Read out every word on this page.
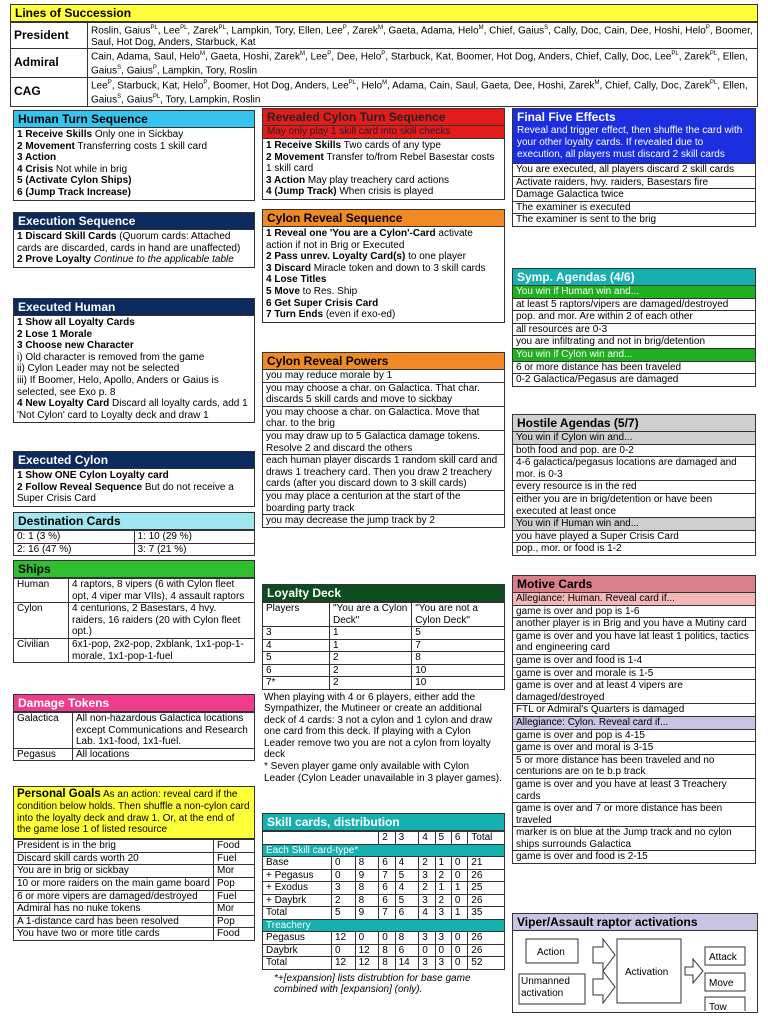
Lines of Succession
President	Roslin, Gaius$^{PL}$, Lee$^{PL}$, Zarek$^{PL}$, Lampkin, Tory, Ellen, Lee$^P$, Zarek$^M$, Gaeta, Adama, Helo$^M$, Chief, Gaius$^S$, Cally, Doc, Cain, Dee, Hoshi, Helo$^P$, Boomer, Saul, Hot Dog, Anders, Starbuck, Kat
Admiral	Cain, Adama, Saul, Helo$^M$, Gaeta, Hoshi, Zarek$^M$, Lee$^P$, Dee, Helo$^P$, Starbuck, Kat, Boomer, Hot Dog, Anders, Chief, Cally, Doc, Lee$^{PL}$, Zarek$^{PL}$, Ellen, Gaius$^S$, Gaius$^P$, Lampkin, Tory, Roslin
CAG	Lee$^P$, Starbuck, Kat, Helo$^P$, Boomer, Hot Dog, Anders, Lee$^{PL}$, Helo$^M$, Adama, Cain, Saul, Gaeta, Dee, Hoshi, Zarek$^M$, Chief, Cally, Doc, Zarek$^{PL}$, Ellen, Gaius$^S$, Gaius$^{PL}$, Tory, Lampkin, Roslin
Human Turn Sequence
1 Receive Skills Only one in Sickbay
2 Movement Transferring costs 1 skill card
3 Action
4 Crisis Not while in brig
5 (Activate Cylon Ships)
6 (Jump Track Increase)
Execution Sequence
1 Discard Skill Cards (Quorum cards: Attached cards are discarded, cards in hand are unaffected)
2 Prove Loyalty Continue to the applicable table
Executed Human
1 Show all Loyalty Cards
2 Lose 1 Morale
3 Choose new Character
i) Old character is removed from the game
ii) Cylon Leader may not be selected
iii) If Boomer, Helo, Apollo, Anders or Gaius is selected, see Exo p. 8
4 New Loyalty Card Discard all loyalty cards, add 1 'Not Cylon' card to Loyalty deck and draw 1
Executed Cylon
1 Show ONE Cylon Loyalty card
2 Follow Reveal Sequence But do not receive a Super Crisis Card
Destination Cards
0: 1 (3 %)	1: 10 (29 %)
2: 16 (47 %)	3: 7 (21 %)
Ships
Human	4 raptors, 8 vipers (6 with Cylon fleet opt, 4 viper mar VIIs), 4 assault raptors
Cylon	4 centurions, 2 Basestars, 4 hvy. raiders, 16 raiders (20 with Cylon fleet opt.)
Civilian	6x1-pop, 2x2-pop, 2xblank, 1x1-pop-1-morale, 1x1-pop-1-fuel
Damage Tokens
Galactica	All non-hazardous Galactica locations except Communications and Research Lab. 1x1-food, 1x1-fuel.
Pegasus	All locations
Personal Goals As an action: reveal card if the condition below holds. Then shuffle a non-cylon card into the loyalty deck and draw 1. Or, at the end of the game lose 1 of listed resource
President is in the brig	Food
Discard skill cards worth 20	Fuel
You are in brig or sickbay	Mor
10 or more raiders on the main game board	Pop
6 or more vipers are damaged/destroyed	Fuel
Admiral has no nuke tokens	Mor
A 1-distance card has been resolved	Pop
You have two or more title cards	Food
Revealed Cylon Turn Sequence
May only play 1 skill card into skill checks
1 Receive Skills Two cards of any type
2 Movement Transfer to/from Rebel Basestar costs 1 skill card
3 Action May play treachery card actions
4 (Jump Track) When crisis is played
Cylon Reveal Sequence
1 Reveal one 'You are a Cylon'-Card activate action if not in Brig or Executed
2 Pass unrev. Loyalty Card(s) to one player
3 Discard Miracle token and down to 3 skill cards
4 Lose Titles
5 Move to Res. Ship
6 Get Super Crisis Card
7 Turn Ends (even if exo-ed)
Cylon Reveal Powers
you may reduce morale by 1
you may choose a char. on Galactica. That char. discards 5 skill cards and move to sickbay
you may choose a char. on Galactica. Move that char. to the brig
you may draw up to 5 Galactica damage tokens. Resolve 2 and discard the others
each human player discards 1 random skill card and draws 1 treachery card. Then you draw 2 treachery cards (after you discard down to 3 skill cards)
you may place a centurion at the start of the boarding party track
you may decrease the jump track by 2
Loyalty Deck
Players	"You are a Cylon Deck"	"You are not a Cylon Deck"
3	1	5
4	1	7
5	2	8
6	2	10
7*	2	10
When playing with 4 or 6 players, either add the Sympathizer, the Mutineer or create an additional deck of 4 cards: 3 not a cylon and 1 cylon and draw one card from this deck. If playing with a Cylon Leader remove two you are not a cylon from loyalty deck
* Seven player game only available with Cylon Leader (Cylon Leader unavailable in 3 player games).
Skill cards, distribution
			2	3	4	5	6	Total
Each Skill card-type*								
Base	0	8	6	4	2	1	0	21
+ Pegasus	0	9	7	5	3	2	0	26
+ Exodus	3	8	6	4	2	1	1	25
+ Daybrk	2	8	6	5	3	2	0	26
Total	5	9	7	6	4	3	1	35
Treachery								
Pegasus	12	0	0	8	3	3	0	26
Daybrk	0	12	8	6	0	0	0	26
Total	12	12	8	14	3	3	0	52
*+[expansion] lists distrubtion for base game combined with [expansion] (only).
Final Five Effects
Reveal and trigger effect, then shuffle the card with your other loyalty cards. If revealed due to execution, all players must discard 2 skill cards
You are executed, all players discard 2 skill cards
Activate raiders, hvy. raiders, Basestars fire
Damage Galactica twice
The examiner is executed
The examiner is sent to the brig
Symp. Agendas (4/6)
You win if Human win and...
at least 5 raptors/vipers are damaged/destroyed
pop. and mor. Are within 2 of each other
all resources are 0-3
you are infiltrating and not in brig/detention
You win if Cylon win and...
6 or more distance has been traveled
0-2 Galactica/Pegasus are damaged
Hostile Agendas (5/7)
You win if Cylon win and...
both food and pop. are 0-2
4-6 galactica/pegasus locations are damaged and mor. is 0-3
every resource is in the red
either you are in brig/detention or have been executed at least once
You win if Human win and...
you have played a Super Crisis Card
pop., mor. or food is 1-2
Motive Cards
Allegiance: Human. Reveal card if...
game is over and pop is 1-6
another player is in Brig and you have a Mutiny card
game is over and you have lat least 1 politics, tactics and engineering card
game is over and food is 1-4
game is over and morale is 1-5
game is over and at least 4 vipers are damaged/destroyed
FTL or Admiral's Quarters is damaged
Allegiance: Cylon. Reveal card if...
game is over and pop is 4-15
game is over and moral is 3-15
5 or more distance has been traveled and no centurions are on te b.p track
game is over and you have at least 3 Treachery cards
game is over and 7 or more distance has been traveled
marker is on blue at the Jump track and no cylon ships surrounds Galactica
game is over and food is 2-15
Viper/Assault raptor activations
Action
Unmanned activation
Activation
Attack
Move
Tow
